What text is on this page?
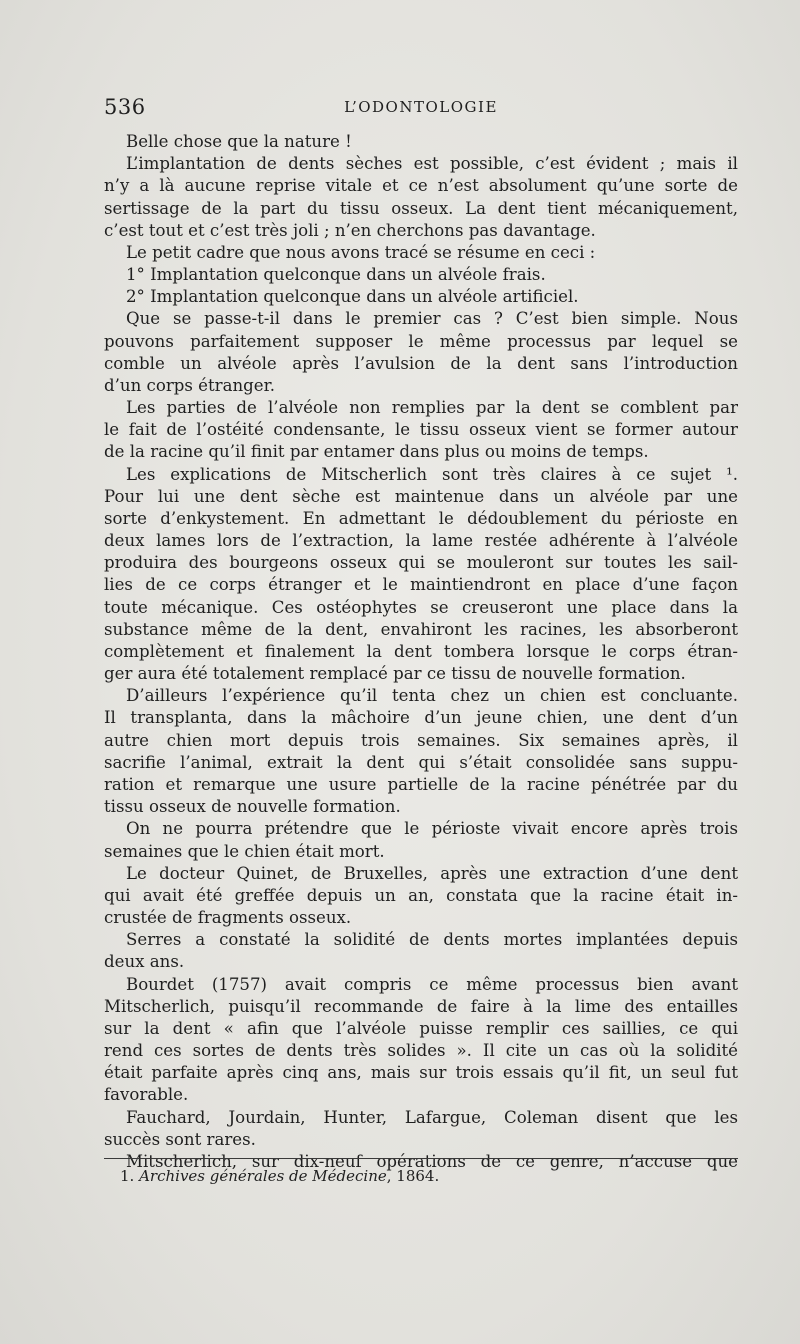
536	L’ODONTOLOGIE
Belle chose que la nature !
L’implantation de dents sèches est possible, c’est évident ; mais il
n’y a là aucune reprise vitale et ce n’est absolument qu’une sorte de
sertissage de la part du tissu osseux. La dent tient mécaniquement,
c’est tout et c’est très joli ; n’en cherchons pas davantage.
Le petit cadre que nous avons tracé se résume en ceci :
1° Implantation quelconque dans un alvéole frais.
2° Implantation quelconque dans un alvéole artificiel.
Que se passe-t-il dans le premier cas ? C’est bien simple. Nous
pouvons parfaitement supposer le même processus par lequel se
comble un alvéole après l’avulsion de la dent sans l’introduction
d’un corps étranger.
Les parties de l’alvéole non remplies par la dent se comblent par
le fait de l’ostéité condensante, le tissu osseux vient se former autour
de la racine qu’il finit par entamer dans plus ou moins de temps.
Les explications de Mitscherlich sont très claires à ce sujet ¹.
Pour lui une dent sèche est maintenue dans un alvéole par une
sorte d’enkystement. En admettant le dédoublement du périoste en
deux lames lors de l’extraction, la lame restée adhérente à l’alvéole
produira des bourgeons osseux qui se mouleront sur toutes les sail-
lies de ce corps étranger et le maintiendront en place d’une façon
toute mécanique. Ces ostéophytes se creuseront une place dans la
substance même de la dent, envahiront les racines, les absorberont
complètement et finalement la dent tombera lorsque le corps étran-
ger aura été totalement remplacé par ce tissu de nouvelle formation.
D’ailleurs l’expérience qu’il tenta chez un chien est concluante.
Il transplanta, dans la mâchoire d’un jeune chien, une dent d’un
autre chien mort depuis trois semaines. Six semaines après, il
sacrifie l’animal, extrait la dent qui s’était consolidée sans suppu-
ration et remarque une usure partielle de la racine pénétrée par du
tissu osseux de nouvelle formation.
On ne pourra prétendre que le périoste vivait encore après trois
semaines que le chien était mort.
Le docteur Quinet, de Bruxelles, après une extraction d’une dent
qui avait été greffée depuis un an, constata que la racine était in-
crustée de fragments osseux.
Serres a constaté la solidité de dents mortes implantées depuis
deux ans.
Bourdet (1757) avait compris ce même processus bien avant
Mitscherlich, puisqu’il recommande de faire à la lime des entailles
sur la dent « afin que l’alvéole puisse remplir ces saillies, ce qui
rend ces sortes de dents très solides ». Il cite un cas où la solidité
était parfaite après cinq ans, mais sur trois essais qu’il fit, un seul fut
favorable.
Fauchard, Jourdain, Hunter, Lafargue, Coleman disent que les
succès sont rares.
Mitscherlich, sur dix-neuf opérations de ce genre, n’accuse que
1. Archives générales de Médecine, 1864.
